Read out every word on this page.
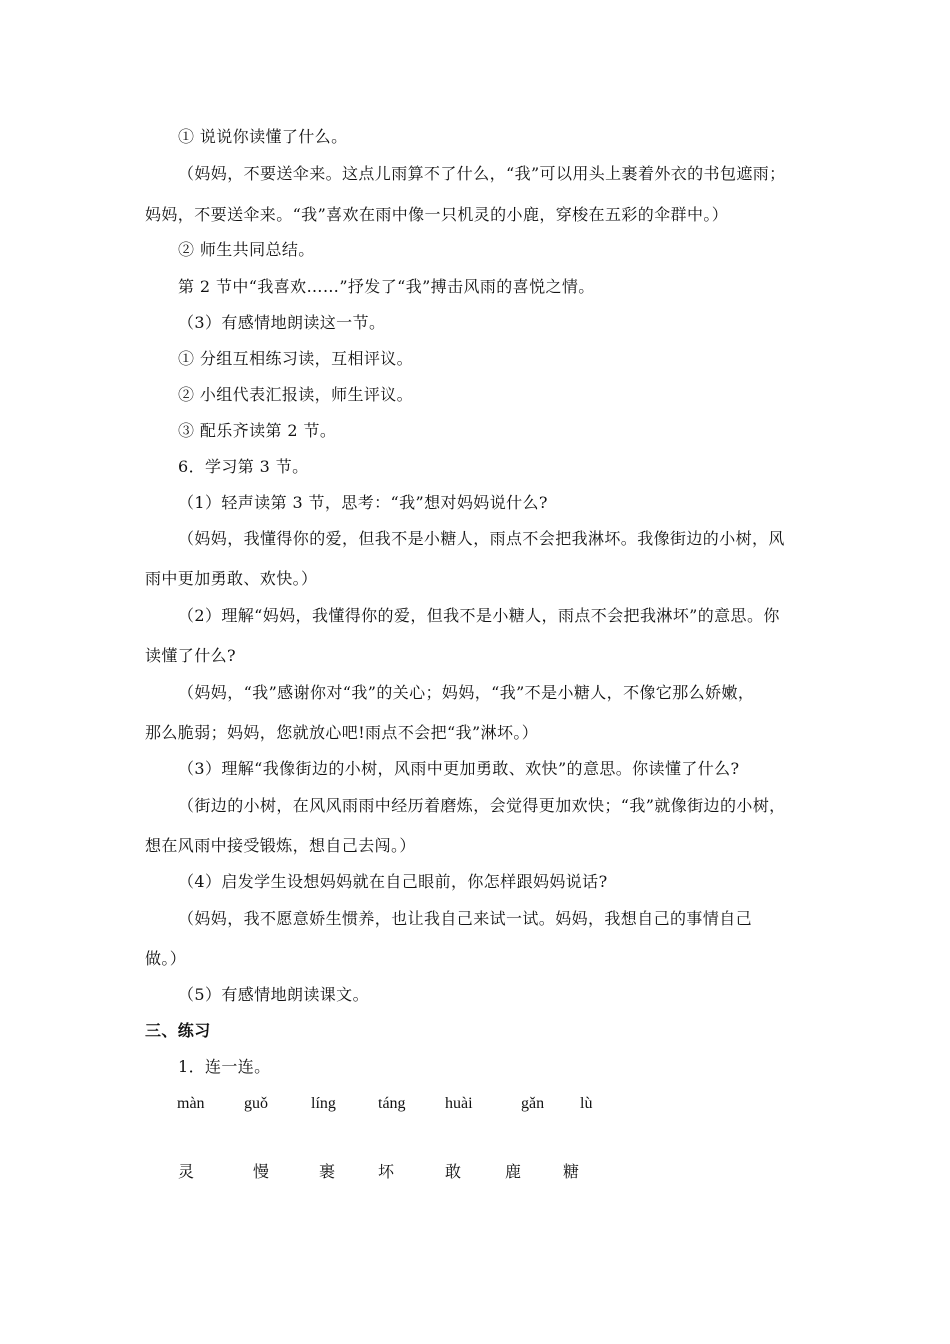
① 说说你读懂了什么。
（妈妈，不要送伞来。这点儿雨算不了什么，“我”可以用头上裹着外衣的书包遮雨；
妈妈，不要送伞来。“我”喜欢在雨中像一只机灵的小鹿，穿梭在五彩的伞群中。）
② 师生共同总结。
第 2 节中“我喜欢……”抒发了“我”搏击风雨的喜悦之情。
（3）有感情地朗读这一节。
① 分组互相练习读，互相评议。
② 小组代表汇报读，师生评议。
③ 配乐齐读第 2 节。
6．学习第 3 节。
（1）轻声读第 3 节，思考：“我”想对妈妈说什么?
（妈妈，我懂得你的爱，但我不是小糖人，雨点不会把我淋坏。我像街边的小树，风
雨中更加勇敢、欢快。）
（2）理解“妈妈，我懂得你的爱，但我不是小糖人，雨点不会把我淋坏”的意思。你
读懂了什么?
（妈妈，“我”感谢你对“我”的关心；妈妈，“我”不是小糖人，不像它那么娇嫩，
那么脆弱；妈妈，您就放心吧!雨点不会把“我”淋坏。）
（3）理解“我像街边的小树，风雨中更加勇敢、欢快”的意思。你读懂了什么?
（街边的小树，在风风雨雨中经历着磨炼，会觉得更加欢快；“我”就像街边的小树，
想在风雨中接受锻炼，想自己去闯。）
（4）启发学生设想妈妈就在自己眼前，你怎样跟妈妈说话?
（妈妈，我不愿意娇生惯养，也让我自己来试一试。妈妈，我想自己的事情自己
做。）
（5）有感情地朗读课文。
三、练习
1．连一连。
màn guǒ	líng	táng huài	gǎn lù
灵	慢	裹	坏	敢	鹿	糖
